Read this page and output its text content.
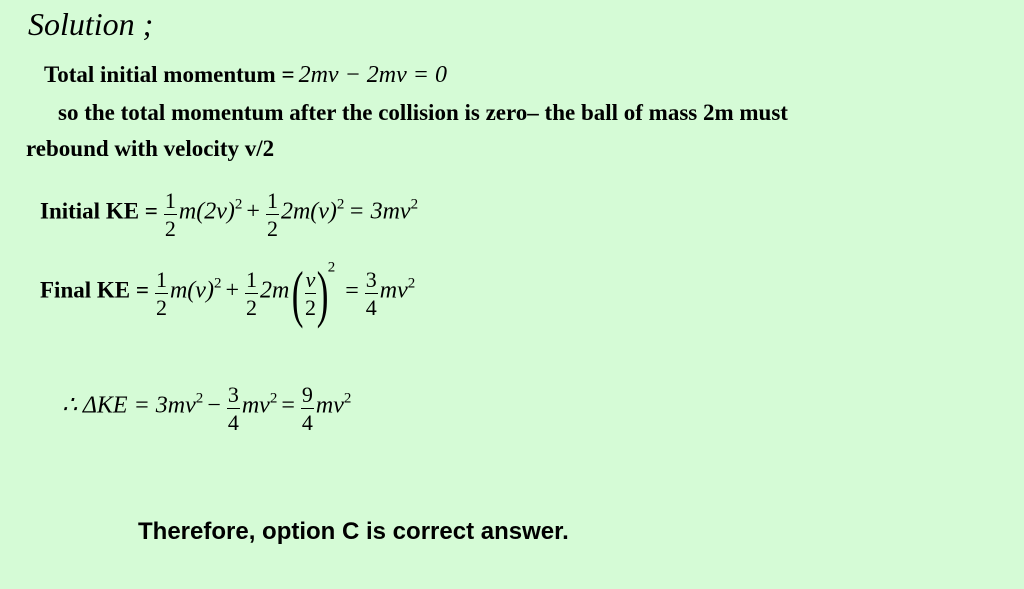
Solution ;
Total initial momentum = 2mv − 2mv = 0
so the total momentum after the collision is zero– the ball of mass 2m must
rebound with velocity v/2
Initial KE = $\frac{1}{2} m(2v)^2 + \frac{1}{2} 2m(v)^2 = 3mv^2$
Final KE = $\frac{1}{2} m(v)^2 + \frac{1}{2} 2m$ ( $\frac{v}{2} )^2 = \frac{3}{4} mv^2$
∴ $\Delta KE = 3mv^2 - \frac{3}{4} mv^2 = \frac{9}{4} mv^2$
Therefore, option C is correct answer.
